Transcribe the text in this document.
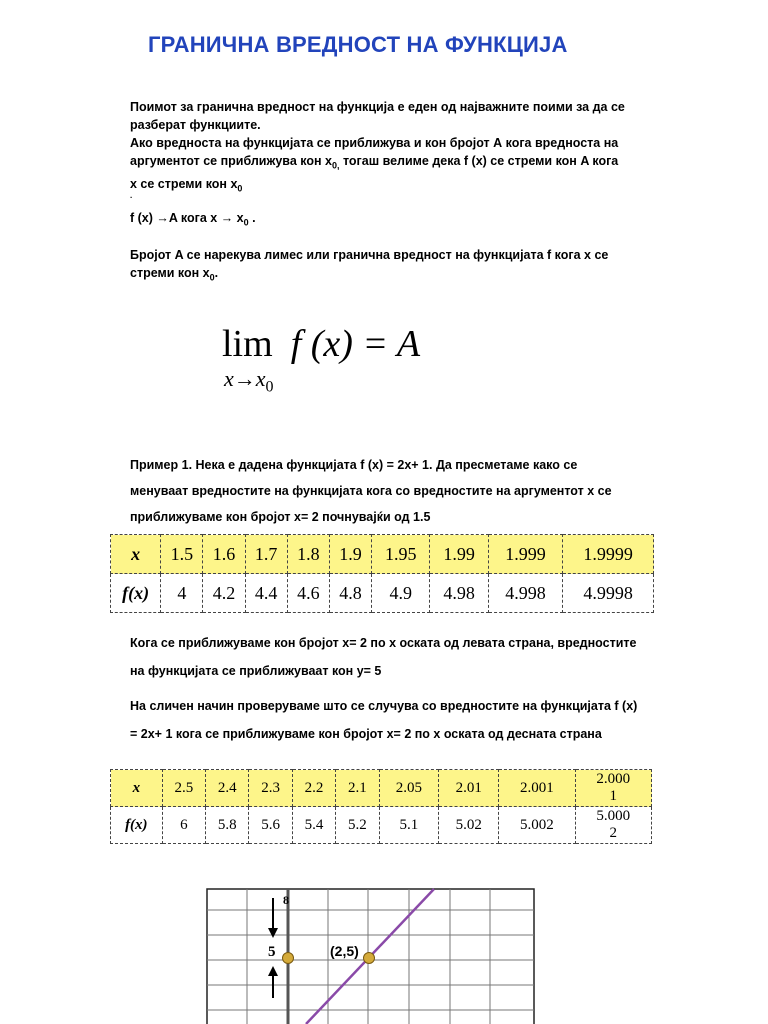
ГРАНИЧНА ВРЕДНОСТ НА ФУНКЦИЈА
Поимот за гранична вредност на функција е еден од најважните поими за да се
разберат функциите.
Ако вредноста на функцијата се приближува и кон бројот А кога вредноста на
аргументот се приближува кон $x_{0,}$ тогаш велиме дека f (x) се стреми кон A кога
x се стреми кон $x_0$
.
f (x) →A кога $x \to x_0$ .
Бројот A се нарекува лимес или гранична вредност на функцијата f кога x се
стреми кон $x_0$.
lim f (x) = A
$x\to x_0$
Пример 1. Нека е дадена функцијата f (x) = 2x+ 1. Да пресметаме како се
менуваат вредностите на функцијата кога со вредностите на аргументот x се
приближуваме кон бројот x= 2 почнувајќи од 1.5
x	1.5	1.6	1.7	1.8	1.9	1.95	1.99	1.999	1.9999
f(x)	4	4.2	4.4	4.6	4.8	4.9	4.98	4.998	4.9998
Кога се приближуваме кон бројот x= 2 по x оската од левата страна, вредностите
на функцијата се приближуваат кон y= 5
На сличен начин проверуваме што се случува со вредностите на функцијата f (x)
= 2x+ 1 кога се приближуваме кон бројот x= 2 по x оската од десната страна
x	2.5	2.4	2.3	2.2	2.1	2.05	2.01	2.001	2.000
1
f(x)	6	5.8	5.6	5.4	5.2	5.1	5.02	5.002	5.000
2
8
5	(2,5)
